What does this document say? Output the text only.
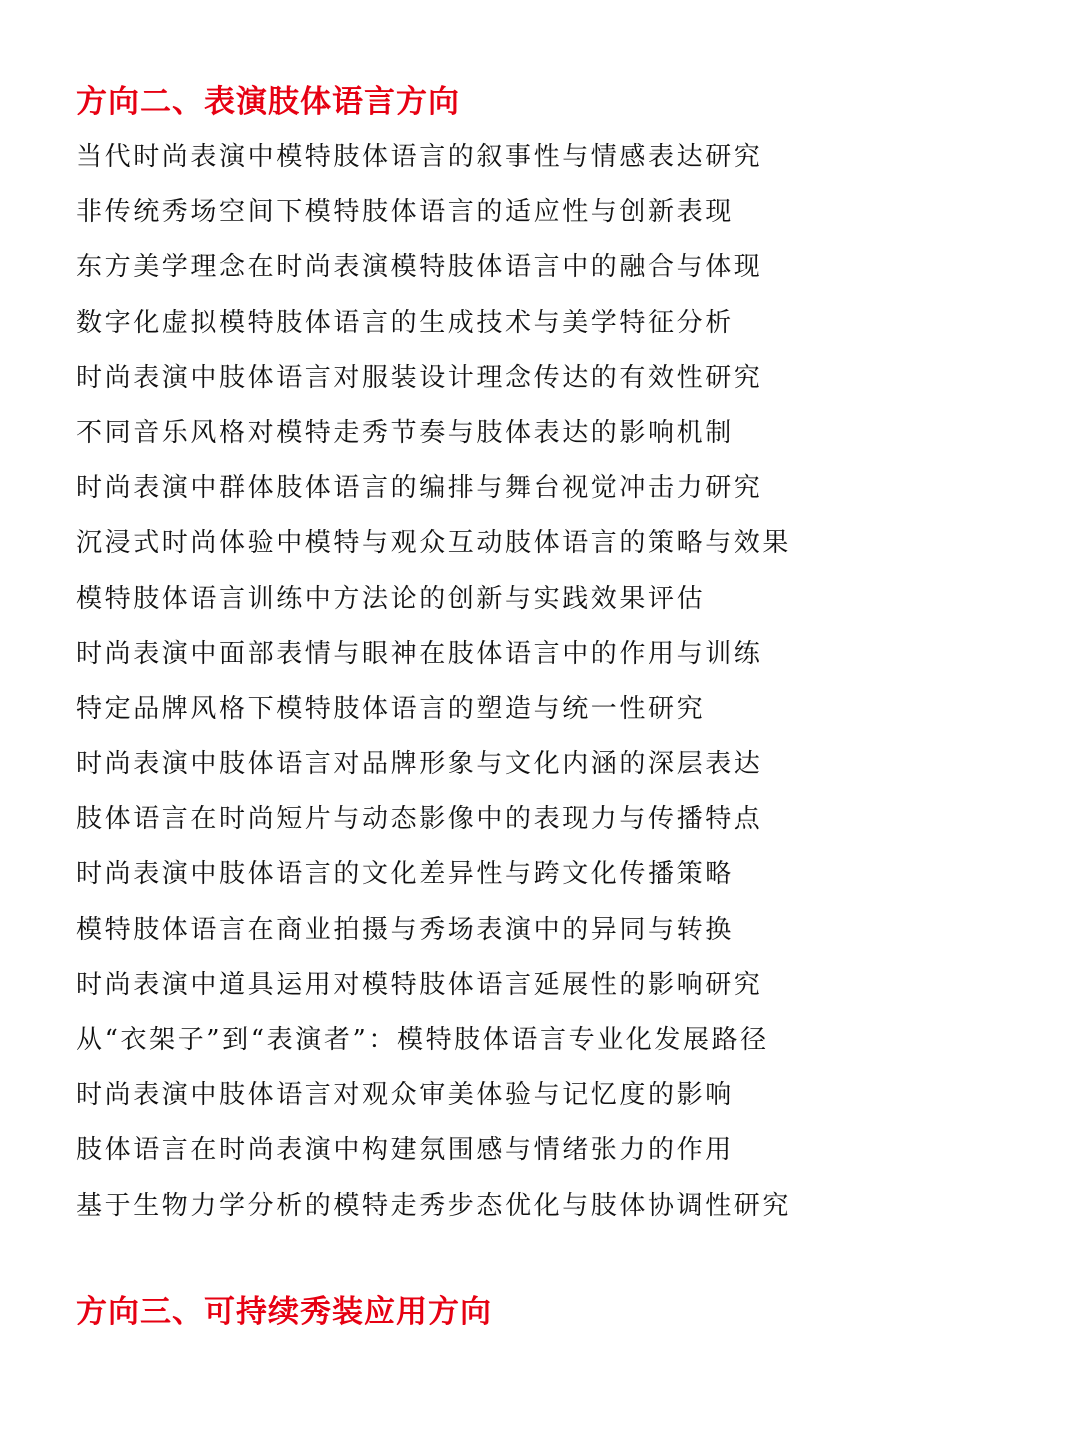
方向二、表演肢体语言方向
当代时尚表演中模特肢体语言的叙事性与情感表达研究
非传统秀场空间下模特肢体语言的适应性与创新表现
东方美学理念在时尚表演模特肢体语言中的融合与体现
数字化虚拟模特肢体语言的生成技术与美学特征分析
时尚表演中肢体语言对服装设计理念传达的有效性研究
不同音乐风格对模特走秀节奏与肢体表达的影响机制
时尚表演中群体肢体语言的编排与舞台视觉冲击力研究
沉浸式时尚体验中模特与观众互动肢体语言的策略与效果
模特肢体语言训练中方法论的创新与实践效果评估
时尚表演中面部表情与眼神在肢体语言中的作用与训练
特定品牌风格下模特肢体语言的塑造与统一性研究
时尚表演中肢体语言对品牌形象与文化内涵的深层表达
肢体语言在时尚短片与动态影像中的表现力与传播特点
时尚表演中肢体语言的文化差异性与跨文化传播策略
模特肢体语言在商业拍摄与秀场表演中的异同与转换
时尚表演中道具运用对模特肢体语言延展性的影响研究
从“衣架子”到“表演者”：模特肢体语言专业化发展路径
时尚表演中肢体语言对观众审美体验与记忆度的影响
肢体语言在时尚表演中构建氛围感与情绪张力的作用
基于生物力学分析的模特走秀步态优化与肢体协调性研究
方向三、可持续秀装应用方向
